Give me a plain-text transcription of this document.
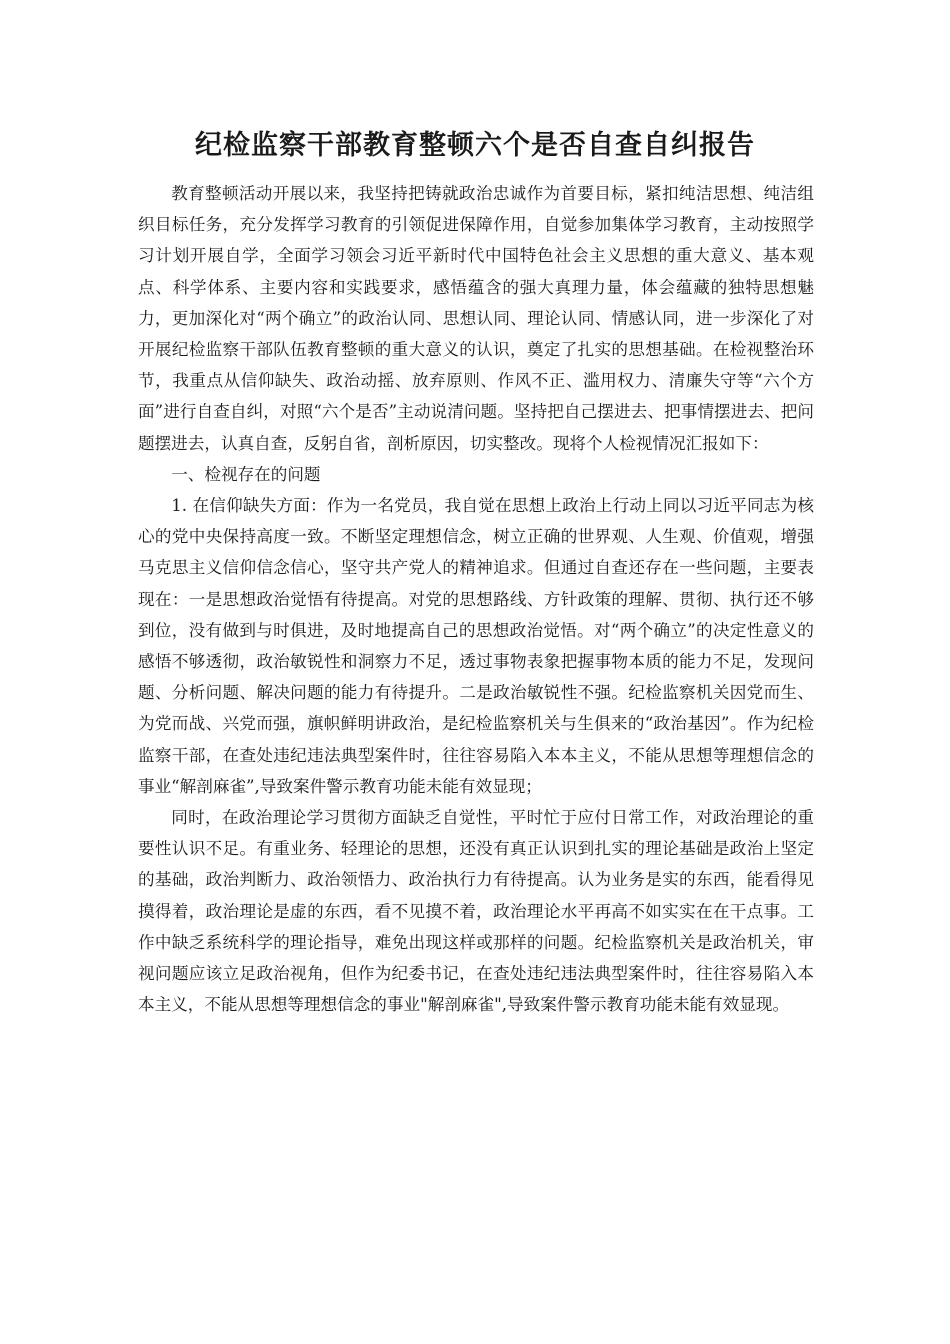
纪检监察干部教育整顿六个是否自查自纠报告

教育整顿活动开展以来，我坚持把铸就政治忠诚作为首要目标，紧扣纯洁思想、纯洁组织目标任务，充分发挥学习教育的引领促进保障作用，自觉参加集体学习教育，主动按照学习计划开展自学，全面学习领会习近平新时代中国特色社会主义思想的重大意义、基本观点、科学体系、主要内容和实践要求，感悟蕴含的强大真理力量，体会蕴藏的独特思想魅力，更加深化对“两个确立”的政治认同、思想认同、理论认同、情感认同，进一步深化了对开展纪检监察干部队伍教育整顿的重大意义的认识，奠定了扎实的思想基础。在检视整治环节，我重点从信仰缺失、政治动摇、放弃原则、作风不正、滥用权力、清廉失守等“六个方面”进行自查自纠，对照“六个是否”主动说清问题。坚持把自己摆进去、把事情摆进去、把问题摆进去，认真自查，反躬自省，剖析原因，切实整改。现将个人检视情况汇报如下：

一、检视存在的问题

1. 在信仰缺失方面：作为一名党员，我自觉在思想上政治上行动上同以习近平同志为核心的党中央保持高度一致。不断坚定理想信念，树立正确的世界观、人生观、价值观，增强马克思主义信仰信念信心，坚守共产党人的精神追求。但通过自查还存在一些问题，主要表现在：一是思想政治觉悟有待提高。对党的思想路线、方针政策的理解、贯彻、执行还不够到位，没有做到与时俱进，及时地提高自己的思想政治觉悟。对“两个确立”的决定性意义的感悟不够透彻，政治敏锐性和洞察力不足，透过事物表象把握事物本质的能力不足，发现问题、分析问题、解决问题的能力有待提升。二是政治敏锐性不强。纪检监察机关因党而生、为党而战、兴党而强，旗帜鲜明讲政治，是纪检监察机关与生俱来的“政治基因”。作为纪检监察干部，在查处违纪违法典型案件时，往往容易陷入本本主义，不能从思想等理想信念的事业“解剖麻雀”,导致案件警示教育功能未能有效显现；

同时，在政治理论学习贯彻方面缺乏自觉性，平时忙于应付日常工作，对政治理论的重要性认识不足。有重业务、轻理论的思想，还没有真正认识到扎实的理论基础是政治上坚定的基础，政治判断力、政治领悟力、政治执行力有待提高。认为业务是实的东西，能看得见摸得着，政治理论是虚的东西，看不见摸不着，政治理论水平再高不如实实在在干点事。工作中缺乏系统科学的理论指导，难免出现这样或那样的问题。纪检监察机关是政治机关，审视问题应该立足政治视角，但作为纪委书记，在查处违纪违法典型案件时，往往容易陷入本本主义，不能从思想等理想信念的事业"解剖麻雀",导致案件警示教育功能未能有效显现。
